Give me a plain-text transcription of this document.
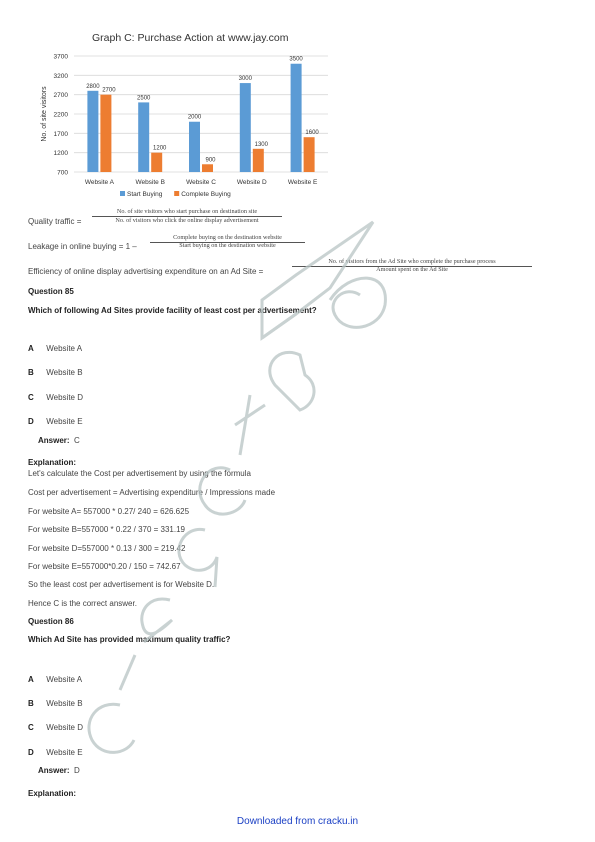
Graph C: Purchase Action at www.jay.com
700
1200
1700
2200
2700
3200
3700
No. of site visitors	2800
2700
Website A
2500
1200
Website B
2000
900
Website C
3000
1300
Website D
3500
1600
Website E
Start Buying	Complete Buying
Quality traffic =
No. of site visitors who start purchase on destination site
No. of visitors who click the online display advertisement
Leakage in online buying = 1 –
Complete buying on the destination website
Start buying on the destination website
Efficiency of online display advertising expenditure on an Ad Site =
No. of visitors from the Ad Site who complete the purchase process
Amount spent on the Ad Site
Question 85
Which of following Ad Sites provide facility of least cost per advertisement?
A Website A
B Website B
C Website D
D Website E
Answer: C
Explanation:
Let's calculate the Cost per advertisement by using the formula
Cost per advertisement = Advertising expenditure / Impressions made
For website A= 557000 * 0.27/ 240 = 626.625
For website B=557000 * 0.22 / 370 = 331.19
For website D=557000 * 0.13 / 300 = 219.42
For website E=557000*0.20 / 150 = 742.67
So the least cost per advertisement is for Website D.
Hence C is the correct answer.
Question 86
Which Ad Site has provided maximum quality traffic?
A Website A
B Website B
C Website D
D Website E
Answer: D
Explanation:
Downloaded from cracku.in
